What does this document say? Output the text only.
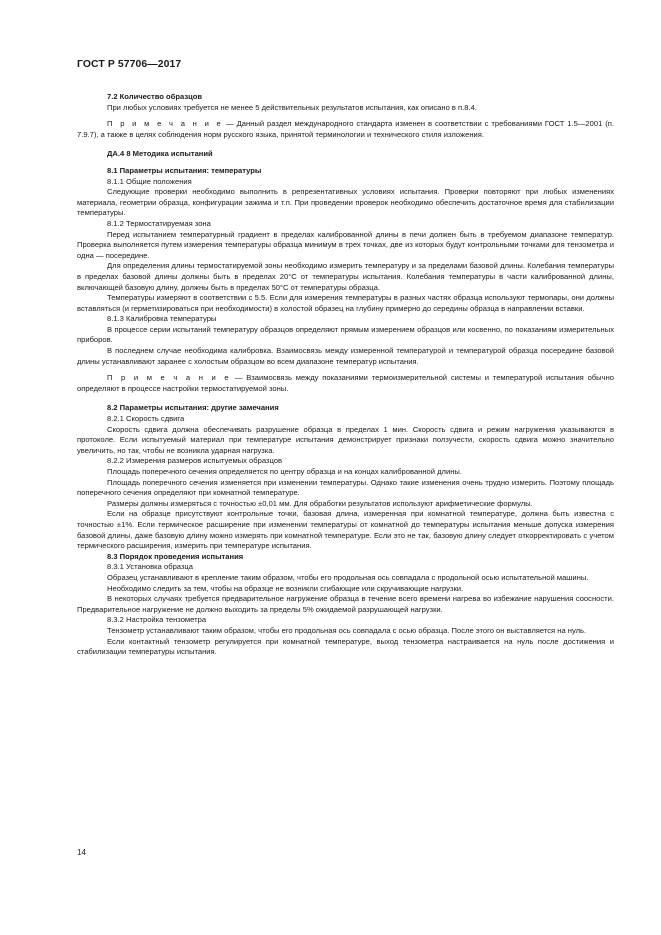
ГОСТ Р 57706—2017
7.2 Количество образцов
При любых условиях требуется не менее 5 действительных результатов испытания, как описано в п.8.4.
П р и м е ч а н и е — Данный раздел международного стандарта изменен в соответствии с требованиями ГОСТ 1.5—2001 (п. 7.9.7), а также в целях соблюдения норм русского языка, принятой терминологии и технического стиля изложения.
ДА.4 8 Методика испытаний
8.1 Параметры испытания: температуры
8.1.1 Общие положения
Следующие проверки необходимо выполнить в репрезентативных условиях испытания. Проверки повторяют при любых изменениях материала, геометрии образца, конфигурации зажима и т.п. При проведении проверок необходимо обеспечить достаточное время для стабилизации температуры.
8.1.2 Термостатируемая зона
Перед испытанием температурный градиент в пределах калиброванной длины в печи должен быть в требуемом диапазоне температур. Проверка выполняется путем измерения температуры образца минимум в трех точках, две из которых будут контрольными точками для тензометра и одна — посередине.
Для определения длины термостатируемой зоны необходимо измерить температуру и за пределами базовой длины. Колебания температуры в пределах базовой длины должны быть в пределах 20°С от температуры испытания. Колебания температуры в части калиброванной длины, включающей базовую длину, должны быть в пределах 50°С от температуры образца.
Температуры измеряют в соответствии с 5.5. Если для измерения температуры в разных частях образца используют термопары, они должны вставляться (и герметизироваться при необходимости) в холостой образец на глубину примерно до середины образца в направлении вставки.
8.1.3 Калибровка температуры
В процессе серии испытаний температуру образцов определяют прямым измерением образцов или косвенно, по показаниям измерительных приборов.
В последнем случае необходима калибровка. Взаимосвязь между измеренной температурой и температурой образца посередине базовой длины устанавливают заранее с холостым образцом во всем диапазоне температур испытания.
П р и м е ч а н и е — Взаимосвязь между показаниями термоизмерительной системы и температурой испытания обычно определяют в процессе настройки термостатируемой зоны.
8.2 Параметры испытания: другие замечания
8.2.1 Скорость сдвига
Скорость сдвига должна обеспечивать разрушение образца в пределах 1 мин. Скорость сдвига и режим нагружения указываются в протоколе. Если испытуемый материал при температуре испытания демонстрирует признаки ползучести, скорость сдвига можно значительно увеличить, но так, чтобы не возникла ударная нагрузка.
8.2.2 Измерения размеров испытуемых образцов
Площадь поперечного сечения определяется по центру образца и на концах калиброванной длины.
Площадь поперечного сечения изменяется при изменении температуры. Однако такие изменения очень трудно измерить. Поэтому площадь поперечного сечения определяют при комнатной температуре.
Размеры должны измеряться с точностью ±0,01 мм. Для обработки результатов используют арифметические формулы.
Если на образце присутствуют контрольные точки, базовая длина, измеренная при комнатной температуре, должна быть известна с точностью ±1%. Если термическое расширение при изменении температуры от комнатной до температуры испытания меньше допуска измерения базовой длины, даже базовую длину можно измерять при комнатной температуре. Если это не так, базовую длину следует откорректировать с учетом термического расширения, измерить при температуре испытания.
8.3 Порядок проведения испытания
8.3.1 Установка образца
Образец устанавливают в крепление таким образом, чтобы его продольная ось совпадала с продольной осью испытательной машины.
Необходимо следить за тем, чтобы на образце не возникли сгибающие или скручивающие нагрузки.
В некоторых случаях требуется предварительное нагружение образца в течение всего времени нагрева во избежание нарушения соосности. Предварительное нагружение не должно выходить за пределы 5% ожидаемой разрушающей нагрузки.
8.3.2 Настройка тензометра
Тензометр устанавливают таким образом, чтобы его продольная ось совпадала с осью образца. После этого он выставляется на нуль.
Если контактный тензометр регулируется при комнатной температуре, выход тензометра настраивается на нуль после достижения и стабилизации температуры испытания.
14
